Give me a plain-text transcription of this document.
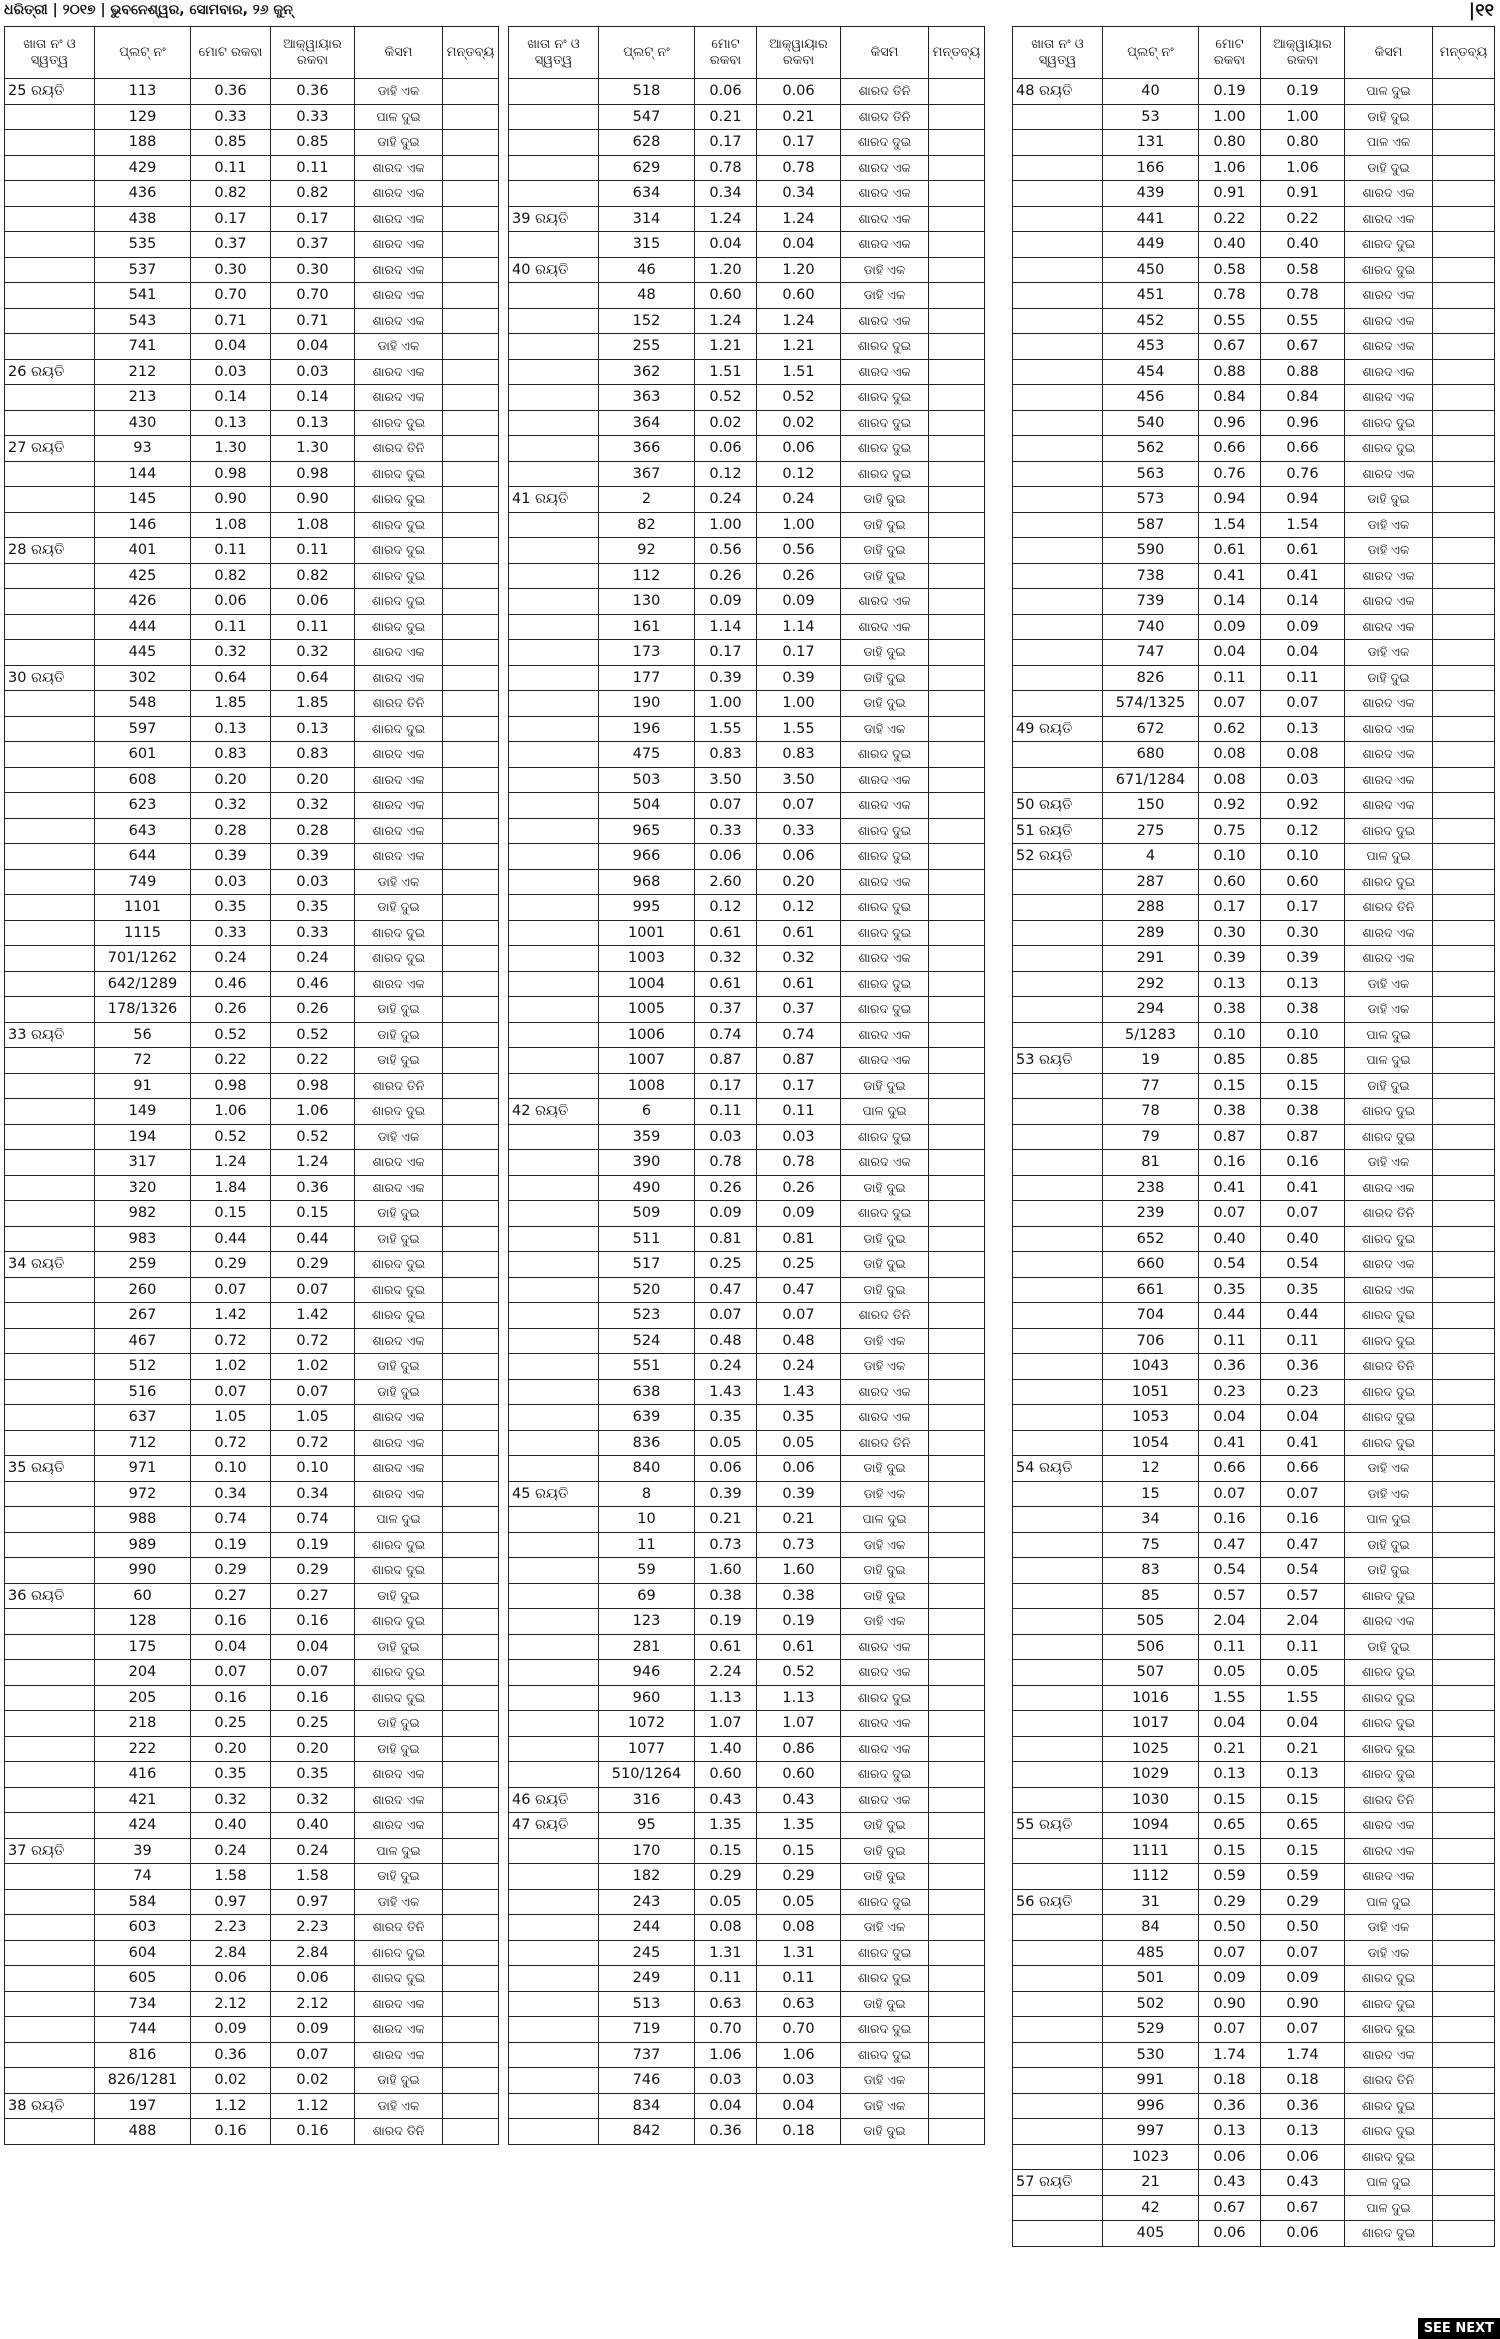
ଧରିତ୍ରୀ | ୨୦୧୭ | ଭୁବନେଶ୍ୱର, ସୋମବାର, ୨୬ ଜୁନ୍	|୧୧
ଖାତା ନଂ ଓ ସ୍ୱତ୍ୱ	ପ୍ଲଟ୍ ନଂ	ମୋଟ ରକବା	ଆକ୍ୱାୟାର ରକବା	କିସମ	ମନ୍ତବ୍ୟ
25 ରୟତି	113	0.36	0.36	ଡାହି ଏକ	
	129	0.33	0.33	ପାଳ ଦୁଇ	
	188	0.85	0.85	ଡାହି ଦୁଇ	
	429	0.11	0.11	ଶାରଦ ଏକ	
	436	0.82	0.82	ଶାରଦ ଏକ	
	438	0.17	0.17	ଶାରଦ ଏକ	
	535	0.37	0.37	ଶାରଦ ଏକ	
	537	0.30	0.30	ଶାରଦ ଏକ	
	541	0.70	0.70	ଶାରଦ ଏକ	
	543	0.71	0.71	ଶାରଦ ଏକ	
	741	0.04	0.04	ଡାହି ଏକ	
26 ରୟତି	212	0.03	0.03	ଶାରଦ ଏକ	
	213	0.14	0.14	ଶାରଦ ଏକ	
	430	0.13	0.13	ଶାରଦ ଦୁଇ	
27 ରୟତି	93	1.30	1.30	ଶାରଦ ତିନି	
	144	0.98	0.98	ଶାରଦ ଦୁଇ	
	145	0.90	0.90	ଶାରଦ ଦୁଇ	
	146	1.08	1.08	ଶାରଦ ଦୁଇ	
28 ରୟତି	401	0.11	0.11	ଶାରଦ ଦୁଇ	
	425	0.82	0.82	ଶାରଦ ଦୁଇ	
	426	0.06	0.06	ଶାରଦ ଦୁଇ	
	444	0.11	0.11	ଶାରଦ ଦୁଇ	
	445	0.32	0.32	ଶାରଦ ଏକ	
30 ରୟତି	302	0.64	0.64	ଶାରଦ ଏକ	
	548	1.85	1.85	ଶାରଦ ତିନି	
	597	0.13	0.13	ଶାରଦ ଦୁଇ	
	601	0.83	0.83	ଶାରଦ ଏକ	
	608	0.20	0.20	ଶାରଦ ଏକ	
	623	0.32	0.32	ଶାରଦ ଏକ	
	643	0.28	0.28	ଶାରଦ ଏକ	
	644	0.39	0.39	ଶାରଦ ଏକ	
	749	0.03	0.03	ଡାହି ଏକ	
	1101	0.35	0.35	ଡାହି ଦୁଇ	
	1115	0.33	0.33	ଶାରଦ ଦୁଇ	
	701/1262	0.24	0.24	ଶାରଦ ଦୁଇ	
	642/1289	0.46	0.46	ଶାରଦ ଏକ	
	178/1326	0.26	0.26	ଡାହି ଦୁଇ	
33 ରୟତି	56	0.52	0.52	ଡାହି ଦୁଇ	
	72	0.22	0.22	ଡାହି ଦୁଇ	
	91	0.98	0.98	ଶାରଦ ତିନି	
	149	1.06	1.06	ଶାରଦ ଦୁଇ	
	194	0.52	0.52	ଡାହି ଏକ	
	317	1.24	1.24	ଶାରଦ ଏକ	
	320	1.84	0.36	ଶାରଦ ଏକ	
	982	0.15	0.15	ଡାହି ଦୁଇ	
	983	0.44	0.44	ଡାହି ଦୁଇ	
34 ରୟତି	259	0.29	0.29	ଶାରଦ ଦୁଇ	
	260	0.07	0.07	ଶାରଦ ଦୁଇ	
	267	1.42	1.42	ଶାରଦ ଦୁଇ	
	467	0.72	0.72	ଶାରଦ ଏକ	
	512	1.02	1.02	ଡାହି ଦୁଇ	
	516	0.07	0.07	ଡାହି ଦୁଇ	
	637	1.05	1.05	ଶାରଦ ଏକ	
	712	0.72	0.72	ଶାରଦ ଏକ	
35 ରୟତି	971	0.10	0.10	ଶାରଦ ଏକ	
	972	0.34	0.34	ଶାରଦ ଏକ	
	988	0.74	0.74	ପାଳ ଦୁଇ	
	989	0.19	0.19	ଶାରଦ ଦୁଇ	
	990	0.29	0.29	ଶାରଦ ଦୁଇ	
36 ରୟତି	60	0.27	0.27	ଡାହି ଦୁଇ	
	128	0.16	0.16	ଶାରଦ ଦୁଇ	
	175	0.04	0.04	ଡାହି ଦୁଇ	
	204	0.07	0.07	ଶାରଦ ଦୁଇ	
	205	0.16	0.16	ଶାରଦ ଦୁଇ	
	218	0.25	0.25	ଡାହି ଦୁଇ	
	222	0.20	0.20	ଡାହି ଦୁଇ	
	416	0.35	0.35	ଶାରଦ ଏକ	
	421	0.32	0.32	ଶାରଦ ଏକ	
	424	0.40	0.40	ଶାରଦ ଏକ	
37 ରୟତି	39	0.24	0.24	ପାଳ ଦୁଇ	
	74	1.58	1.58	ଡାହି ଦୁଇ	
	584	0.97	0.97	ଡାହି ଏକ	
	603	2.23	2.23	ଶାରଦ ତିନି	
	604	2.84	2.84	ଶାରଦ ଦୁଇ	
	605	0.06	0.06	ଶାରଦ ଦୁଇ	
	734	2.12	2.12	ଶାରଦ ଏକ	
	744	0.09	0.09	ଶାରଦ ଏକ	
	816	0.36	0.07	ଶାରଦ ଏକ	
	826/1281	0.02	0.02	ଡାହି ଦୁଇ	
38 ରୟତି	197	1.12	1.12	ଡାହି ଏକ	
	488	0.16	0.16	ଶାରଦ ତିନି	
ଖାତା ନଂ ଓ ସ୍ୱତ୍ୱ	ପ୍ଲଟ୍ ନଂ	ମୋଟ ରକବା	ଆକ୍ୱାୟାର ରକବା	କିସମ	ମନ୍ତବ୍ୟ
	518	0.06	0.06	ଶାରଦ ତିନି	
	547	0.21	0.21	ଶାରଦ ତିନି	
	628	0.17	0.17	ଶାରଦ ଦୁଇ	
	629	0.78	0.78	ଶାରଦ ଏକ	
	634	0.34	0.34	ଶାରଦ ଏକ	
39 ରୟତି	314	1.24	1.24	ଶାରଦ ଏକ	
	315	0.04	0.04	ଶାରଦ ଏକ	
40 ରୟତି	46	1.20	1.20	ଡାହି ଏକ	
	48	0.60	0.60	ଡାହି ଏକ	
	152	1.24	1.24	ଶାରଦ ଏକ	
	255	1.21	1.21	ଶାରଦ ଦୁଇ	
	362	1.51	1.51	ଶାରଦ ଏକ	
	363	0.52	0.52	ଶାରଦ ଦୁଇ	
	364	0.02	0.02	ଶାରଦ ଦୁଇ	
	366	0.06	0.06	ଶାରଦ ଦୁଇ	
	367	0.12	0.12	ଶାରଦ ଦୁଇ	
41 ରୟତି	2	0.24	0.24	ଡାହି ଦୁଇ	
	82	1.00	1.00	ଡାହି ଦୁଇ	
	92	0.56	0.56	ଡାହି ଦୁଇ	
	112	0.26	0.26	ଡାହି ଦୁଇ	
	130	0.09	0.09	ଶାରଦ ଏକ	
	161	1.14	1.14	ଶାରଦ ଏକ	
	173	0.17	0.17	ଡାହି ଦୁଇ	
	177	0.39	0.39	ଡାହି ଦୁଇ	
	190	1.00	1.00	ଡାହି ଦୁଇ	
	196	1.55	1.55	ଡାହି ଏକ	
	475	0.83	0.83	ଶାରଦ ଦୁଇ	
	503	3.50	3.50	ଶାରଦ ଏକ	
	504	0.07	0.07	ଶାରଦ ଏକ	
	965	0.33	0.33	ଶାରଦ ଦୁଇ	
	966	0.06	0.06	ଶାରଦ ଦୁଇ	
	968	2.60	0.20	ଶାରଦ ଏକ	
	995	0.12	0.12	ଶାରଦ ଦୁଇ	
	1001	0.61	0.61	ଶାରଦ ଦୁଇ	
	1003	0.32	0.32	ଶାରଦ ଏକ	
	1004	0.61	0.61	ଶାରଦ ଦୁଇ	
	1005	0.37	0.37	ଶାରଦ ଦୁଇ	
	1006	0.74	0.74	ଶାରଦ ଏକ	
	1007	0.87	0.87	ଶାରଦ ଏକ	
	1008	0.17	0.17	ଡାହି ଦୁଇ	
42 ରୟତି	6	0.11	0.11	ପାଳ ଦୁଇ	
	359	0.03	0.03	ଶାରଦ ଦୁଇ	
	390	0.78	0.78	ଶାରଦ ଏକ	
	490	0.26	0.26	ଡାହି ଦୁଇ	
	509	0.09	0.09	ଶାରଦ ଦୁଇ	
	511	0.81	0.81	ଡାହି ଦୁଇ	
	517	0.25	0.25	ଡାହି ଦୁଇ	
	520	0.47	0.47	ଡାହି ଦୁଇ	
	523	0.07	0.07	ଶାରଦ ତିନି	
	524	0.48	0.48	ଡାହି ଏକ	
	551	0.24	0.24	ଡାହି ଏକ	
	638	1.43	1.43	ଶାରଦ ଏକ	
	639	0.35	0.35	ଶାରଦ ଏକ	
	836	0.05	0.05	ଶାରଦ ତିନି	
	840	0.06	0.06	ଡାହି ଦୁଇ	
45 ରୟତି	8	0.39	0.39	ଡାହି ଏକ	
	10	0.21	0.21	ପାଳ ଦୁଇ	
	11	0.73	0.73	ଡାହି ଏକ	
	59	1.60	1.60	ଡାହି ଦୁଇ	
	69	0.38	0.38	ଡାହି ଦୁଇ	
	123	0.19	0.19	ଡାହି ଏକ	
	281	0.61	0.61	ଶାରଦ ଏକ	
	946	2.24	0.52	ଶାରଦ ଏକ	
	960	1.13	1.13	ଶାରଦ ଦୁଇ	
	1072	1.07	1.07	ଶାରଦ ଏକ	
	1077	1.40	0.86	ଶାରଦ ଏକ	
	510/1264	0.60	0.60	ଶାରଦ ଦୁଇ	
46 ରୟତି	316	0.43	0.43	ଶାରଦ ଏକ	
47 ରୟତି	95	1.35	1.35	ଡାହି ଦୁଇ	
	170	0.15	0.15	ଡାହି ଦୁଇ	
	182	0.29	0.29	ଡାହି ଦୁଇ	
	243	0.05	0.05	ଶାରଦ ଦୁଇ	
	244	0.08	0.08	ଡାହି ଏକ	
	245	1.31	1.31	ଶାରଦ ଦୁଇ	
	249	0.11	0.11	ଶାରଦ ଦୁଇ	
	513	0.63	0.63	ଡାହି ଦୁଇ	
	719	0.70	0.70	ଶାରଦ ଦୁଇ	
	737	1.06	1.06	ଶାରଦ ଦୁଇ	
	746	0.03	0.03	ଡାହି ଏକ	
	834	0.04	0.04	ଡାହି ଏକ	
	842	0.36	0.18	ଡାହି ଦୁଇ	
ଖାତା ନଂ ଓ ସ୍ୱତ୍ୱ	ପ୍ଲଟ୍ ନଂ	ମୋଟ ରକବା	ଆକ୍ୱାୟାର ରକବା	କିସମ	ମନ୍ତବ୍ୟ
48 ରୟତି	40	0.19	0.19	ପାଳ ଦୁଇ	
	53	1.00	1.00	ଡାହି ଦୁଇ	
	131	0.80	0.80	ପାଳ ଏକ	
	166	1.06	1.06	ଡାହି ଦୁଇ	
	439	0.91	0.91	ଶାରଦ ଏକ	
	441	0.22	0.22	ଶାରଦ ଏକ	
	449	0.40	0.40	ଶାରଦ ଦୁଇ	
	450	0.58	0.58	ଶାରଦ ଦୁଇ	
	451	0.78	0.78	ଶାରଦ ଏକ	
	452	0.55	0.55	ଶାରଦ ଏକ	
	453	0.67	0.67	ଶାରଦ ଏକ	
	454	0.88	0.88	ଶାରଦ ଏକ	
	456	0.84	0.84	ଶାରଦ ଏକ	
	540	0.96	0.96	ଶାରଦ ଦୁଇ	
	562	0.66	0.66	ଶାରଦ ଦୁଇ	
	563	0.76	0.76	ଶାରଦ ଏକ	
	573	0.94	0.94	ଡାହି ଦୁଇ	
	587	1.54	1.54	ଡାହି ଏକ	
	590	0.61	0.61	ଡାହି ଏକ	
	738	0.41	0.41	ଶାରଦ ଏକ	
	739	0.14	0.14	ଶାରଦ ଏକ	
	740	0.09	0.09	ଶାରଦ ଏକ	
	747	0.04	0.04	ଡାହି ଏକ	
	826	0.11	0.11	ଡାହି ଦୁଇ	
	574/1325	0.07	0.07	ଶାରଦ ଏକ	
49 ରୟତି	672	0.62	0.13	ଶାରଦ ଏକ	
	680	0.08	0.08	ଶାରଦ ଏକ	
	671/1284	0.08	0.03	ଶାରଦ ଏକ	
50 ରୟତି	150	0.92	0.92	ଶାରଦ ଏକ	
51 ରୟତି	275	0.75	0.12	ଶାରଦ ଦୁଇ	
52 ରୟତି	4	0.10	0.10	ପାଳ ଦୁଇ	
	287	0.60	0.60	ଶାରଦ ଦୁଇ	
	288	0.17	0.17	ଶାରଦ ତିନି	
	289	0.30	0.30	ଶାରଦ ଏକ	
	291	0.39	0.39	ଶାରଦ ଏକ	
	292	0.13	0.13	ଡାହି ଏକ	
	294	0.38	0.38	ଡାହି ଏକ	
	5/1283	0.10	0.10	ପାଳ ଦୁଇ	
53 ରୟତି	19	0.85	0.85	ପାଳ ଦୁଇ	
	77	0.15	0.15	ଡାହି ଦୁଇ	
	78	0.38	0.38	ଶାରଦ ଦୁଇ	
	79	0.87	0.87	ଶାରଦ ଦୁଇ	
	81	0.16	0.16	ଡାହି ଏକ	
	238	0.41	0.41	ଶାରଦ ଏକ	
	239	0.07	0.07	ଶାରଦ ତିନି	
	652	0.40	0.40	ଶାରଦ ଦୁଇ	
	660	0.54	0.54	ଶାରଦ ଏକ	
	661	0.35	0.35	ଶାରଦ ଏକ	
	704	0.44	0.44	ଶାରଦ ଦୁଇ	
	706	0.11	0.11	ଶାରଦ ଦୁଇ	
	1043	0.36	0.36	ଶାରଦ ତିନି	
	1051	0.23	0.23	ଶାରଦ ଦୁଇ	
	1053	0.04	0.04	ଶାରଦ ଦୁଇ	
	1054	0.41	0.41	ଶାରଦ ଦୁଇ	
54 ରୟତି	12	0.66	0.66	ଡାହି ଏକ	
	15	0.07	0.07	ଡାହି ଏକ	
	34	0.16	0.16	ପାଳ ଦୁଇ	
	75	0.47	0.47	ଡାହି ଦୁଇ	
	83	0.54	0.54	ଡାହି ଦୁଇ	
	85	0.57	0.57	ଶାରଦ ଦୁଇ	
	505	2.04	2.04	ଶାରଦ ଏକ	
	506	0.11	0.11	ଡାହି ଦୁଇ	
	507	0.05	0.05	ଶାରଦ ଦୁଇ	
	1016	1.55	1.55	ଶାରଦ ଦୁଇ	
	1017	0.04	0.04	ଶାରଦ ଦୁଇ	
	1025	0.21	0.21	ଶାରଦ ଦୁଇ	
	1029	0.13	0.13	ଶାରଦ ଦୁଇ	
	1030	0.15	0.15	ଶାରଦ ତିନି	
55 ରୟତି	1094	0.65	0.65	ଶାରଦ ଏକ	
	1111	0.15	0.15	ଶାରଦ ଏକ	
	1112	0.59	0.59	ଶାରଦ ଏକ	
56 ରୟତି	31	0.29	0.29	ପାଳ ଦୁଇ	
	84	0.50	0.50	ଡାହି ଏକ	
	485	0.07	0.07	ଡାହି ଏକ	
	501	0.09	0.09	ଶାରଦ ଦୁଇ	
	502	0.90	0.90	ଶାରଦ ଦୁଇ	
	529	0.07	0.07	ଶାରଦ ଦୁଇ	
	530	1.74	1.74	ଶାରଦ ଏକ	
	991	0.18	0.18	ଶାରଦ ତିନି	
	996	0.36	0.36	ଶାରଦ ଦୁଇ	
	997	0.13	0.13	ଶାରଦ ଦୁଇ	
	1023	0.06	0.06	ଶାରଦ ଦୁଇ	
57 ରୟତି	21	0.43	0.43	ପାଳ ଦୁଇ	
	42	0.67	0.67	ପାଳ ଦୁଇ	
	405	0.06	0.06	ଶାରଦ ଦୁଇ	
SEE NEXT
